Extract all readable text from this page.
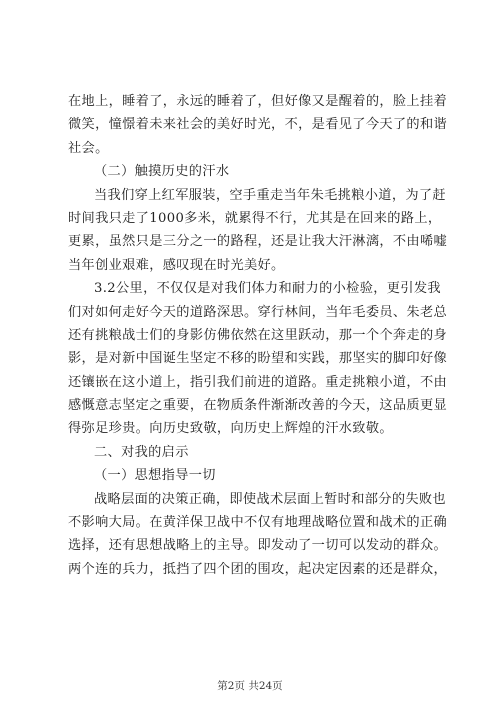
在地上，睡着了，永远的睡着了，但好像又是醒着的，脸上挂着
微笑，憧憬着未来社会的美好时光，不，是看见了今天了的和谐
社会。
（二）触摸历史的汗水
当我们穿上红军服装，空手重走当年朱毛挑粮小道，为了赶
时间我只走了1000多米，就累得不行，尤其是在回来的路上，
更累，虽然只是三分之一的路程，还是让我大汗淋漓，不由唏嘘
当年创业艰难，感叹现在时光美好。
3.2公里，不仅仅是对我们体力和耐力的小检验，更引发我
们对如何走好今天的道路深思。穿行林间，当年毛委员、朱老总
还有挑粮战士们的身影仿佛依然在这里跃动，那一个个奔走的身
影，是对新中国诞生坚定不移的盼望和实践，那坚实的脚印好像
还镶嵌在这小道上，指引我们前进的道路。重走挑粮小道，不由
感慨意志坚定之重要，在物质条件渐渐改善的今天，这品质更显
得弥足珍贵。向历史致敬，向历史上辉煌的汗水致敬。
二、对我的启示
（一）思想指导一切
战略层面的决策正确，即使战术层面上暂时和部分的失败也
不影响大局。在黄洋保卫战中不仅有地理战略位置和战术的正确
选择，还有思想战略上的主导。即发动了一切可以发动的群众。
两个连的兵力，抵挡了四个团的围攻，起决定因素的还是群众，
第2页 共24页
